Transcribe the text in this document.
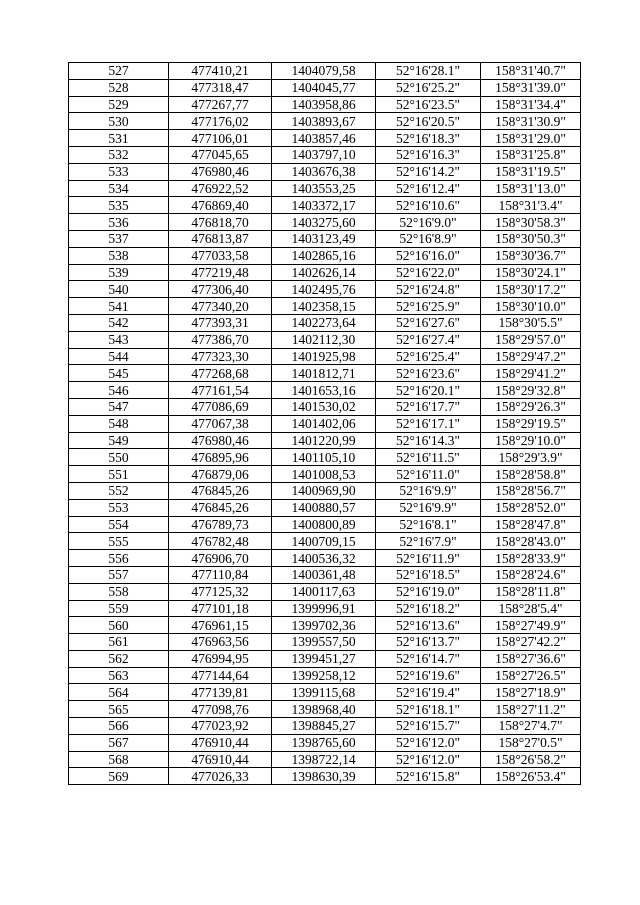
527	477410,21	1404079,58	52°16'28.1"	158°31'40.7"
528	477318,47	1404045,77	52°16'25.2"	158°31'39.0"
529	477267,77	1403958,86	52°16'23.5"	158°31'34.4"
530	477176,02	1403893,67	52°16'20.5"	158°31'30.9"
531	477106,01	1403857,46	52°16'18.3"	158°31'29.0"
532	477045,65	1403797,10	52°16'16.3"	158°31'25.8"
533	476980,46	1403676,38	52°16'14.2"	158°31'19.5"
534	476922,52	1403553,25	52°16'12.4"	158°31'13.0"
535	476869,40	1403372,17	52°16'10.6"	158°31'3.4"
536	476818,70	1403275,60	52°16'9.0"	158°30'58.3"
537	476813,87	1403123,49	52°16'8.9"	158°30'50.3"
538	477033,58	1402865,16	52°16'16.0"	158°30'36.7"
539	477219,48	1402626,14	52°16'22.0"	158°30'24.1"
540	477306,40	1402495,76	52°16'24.8"	158°30'17.2"
541	477340,20	1402358,15	52°16'25.9"	158°30'10.0"
542	477393,31	1402273,64	52°16'27.6"	158°30'5.5"
543	477386,70	1402112,30	52°16'27.4"	158°29'57.0"
544	477323,30	1401925,98	52°16'25.4"	158°29'47.2"
545	477268,68	1401812,71	52°16'23.6"	158°29'41.2"
546	477161,54	1401653,16	52°16'20.1"	158°29'32.8"
547	477086,69	1401530,02	52°16'17.7"	158°29'26.3"
548	477067,38	1401402,06	52°16'17.1"	158°29'19.5"
549	476980,46	1401220,99	52°16'14.3"	158°29'10.0"
550	476895,96	1401105,10	52°16'11.5"	158°29'3.9"
551	476879,06	1401008,53	52°16'11.0"	158°28'58.8"
552	476845,26	1400969,90	52°16'9.9"	158°28'56.7"
553	476845,26	1400880,57	52°16'9.9"	158°28'52.0"
554	476789,73	1400800,89	52°16'8.1"	158°28'47.8"
555	476782,48	1400709,15	52°16'7.9"	158°28'43.0"
556	476906,70	1400536,32	52°16'11.9"	158°28'33.9"
557	477110,84	1400361,48	52°16'18.5"	158°28'24.6"
558	477125,32	1400117,63	52°16'19.0"	158°28'11.8"
559	477101,18	1399996,91	52°16'18.2"	158°28'5.4"
560	476961,15	1399702,36	52°16'13.6"	158°27'49.9"
561	476963,56	1399557,50	52°16'13.7"	158°27'42.2"
562	476994,95	1399451,27	52°16'14.7"	158°27'36.6"
563	477144,64	1399258,12	52°16'19.6"	158°27'26.5"
564	477139,81	1399115,68	52°16'19.4"	158°27'18.9"
565	477098,76	1398968,40	52°16'18.1"	158°27'11.2"
566	477023,92	1398845,27	52°16'15.7"	158°27'4.7"
567	476910,44	1398765,60	52°16'12.0"	158°27'0.5"
568	476910,44	1398722,14	52°16'12.0"	158°26'58.2"
569	477026,33	1398630,39	52°16'15.8"	158°26'53.4"
